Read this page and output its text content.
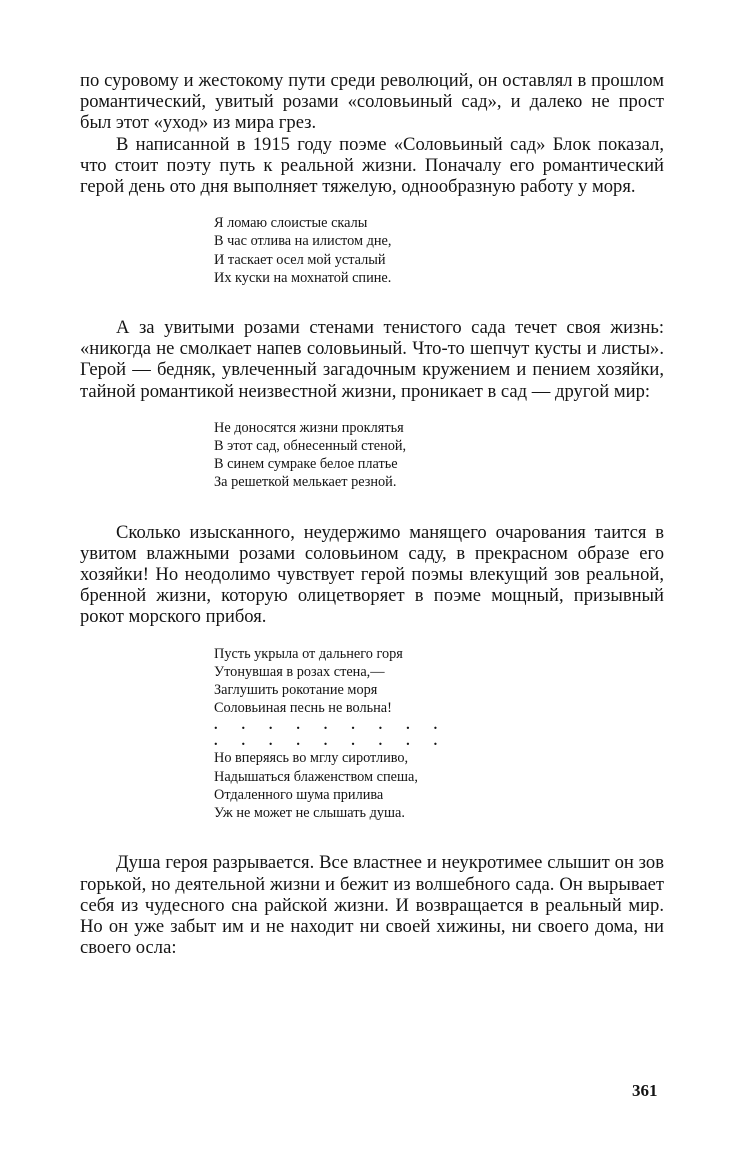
по суровому и жестокому пути среди революций, он оставлял в прошлом романтический, увитый розами «соловьиный сад», и далеко не прост был этот «уход» из мира грез.

В написанной в 1915 году поэме «Соловьиный сад» Блок показал, что стоит поэту путь к реальной жизни. Поначалу его романтический герой день ото дня выполняет тяжелую, однообразную работу у моря.

Я ломаю слоистые скалы
В час отлива на илистом дне,
И таскает осел мой усталый
Их куски на мохнатой спине.

А за увитыми розами стенами тенистого сада течет своя жизнь: «никогда не смолкает напев соловьиный. Что-то шепчут кусты и листы». Герой — бедняк, увлеченный загадочным кружением и пением хозяйки, тайной романтикой неизвестной жизни, проникает в сад — другой мир:

Не доносятся жизни проклятья
В этот сад, обнесенный стеной,
В синем сумраке белое платье
За решеткой мелькает резной.

Сколько изысканного, неудержимо манящего очарования таится в увитом влажными розами соловьином саду, в прекрасном образе его хозяйки! Но неодолимо чувствует герой поэмы влекущий зов реальной, бренной жизни, которую олицетворяет в поэме мощный, призывный рокот морского прибоя.

Пусть укрыла от дальнего горя
Утонувшая в розах стена,—
Заглушить рокотание моря
Соловьиная песнь не вольна!
.     .     .     .     .     .     .     .     .
.     .     .     .     .     .     .     .     .
Но вперяясь во мглу сиротливо,
Надышаться блаженством спеша,
Отдаленного шума прилива
Уж не может не слышать душа.

Душа героя разрывается. Все властнее и неукротимее слышит он зов горькой, но деятельной жизни и бежит из волшебного сада. Он вырывает себя из чудесного сна райской жизни. И возвращается в реальный мир. Но он уже забыт им и не находит ни своей хижины, ни своего дома, ни своего осла:

361
